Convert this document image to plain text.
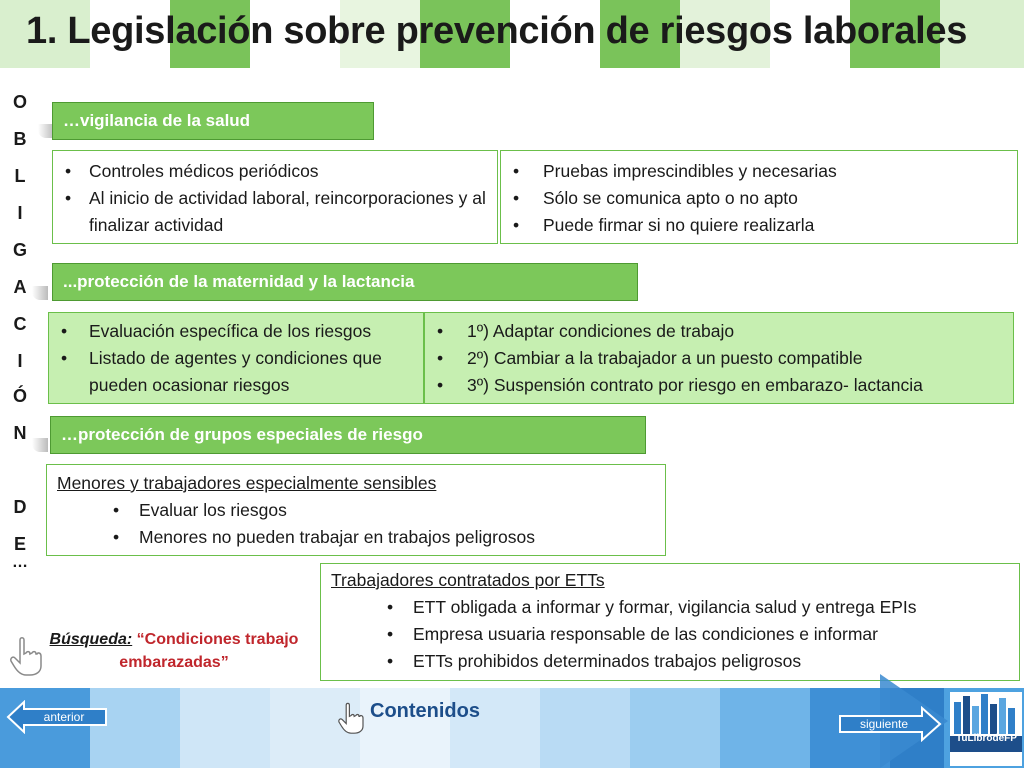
1. Legislación sobre prevención de riesgos laborales
O
B
L
I
G
A
C
I
Ó
N
D
E
…
…vigilancia de la salud
• Controles médicos periódicos
• Al inicio de actividad laboral, reincorporaciones y al finalizar actividad
• Pruebas imprescindibles y necesarias
• Sólo se comunica apto o no apto
• Puede firmar si no quiere realizarla
...protección de la maternidad y la lactancia
• Evaluación específica de los riesgos
• Listado de agentes y condiciones que pueden ocasionar riesgos
• 1º) Adaptar condiciones de trabajo
• 2º) Cambiar a la trabajador a un puesto compatible
• 3º) Suspensión contrato por riesgo en embarazo- lactancia
…protección de grupos especiales de riesgo
Menores y trabajadores especialmente sensibles
• Evaluar los riesgos
• Menores no pueden trabajar en trabajos peligrosos
Trabajadores contratados por ETTs
• ETT obligada a informar y formar, vigilancia salud y entrega EPIs
• Empresa usuaria responsable de las condiciones e informar
• ETTs prohibidos determinados trabajos peligrosos
Búsqueda: “Condiciones trabajo
embarazadas”
anterior	Contenidos
siguiente
TuLibrodeFP
